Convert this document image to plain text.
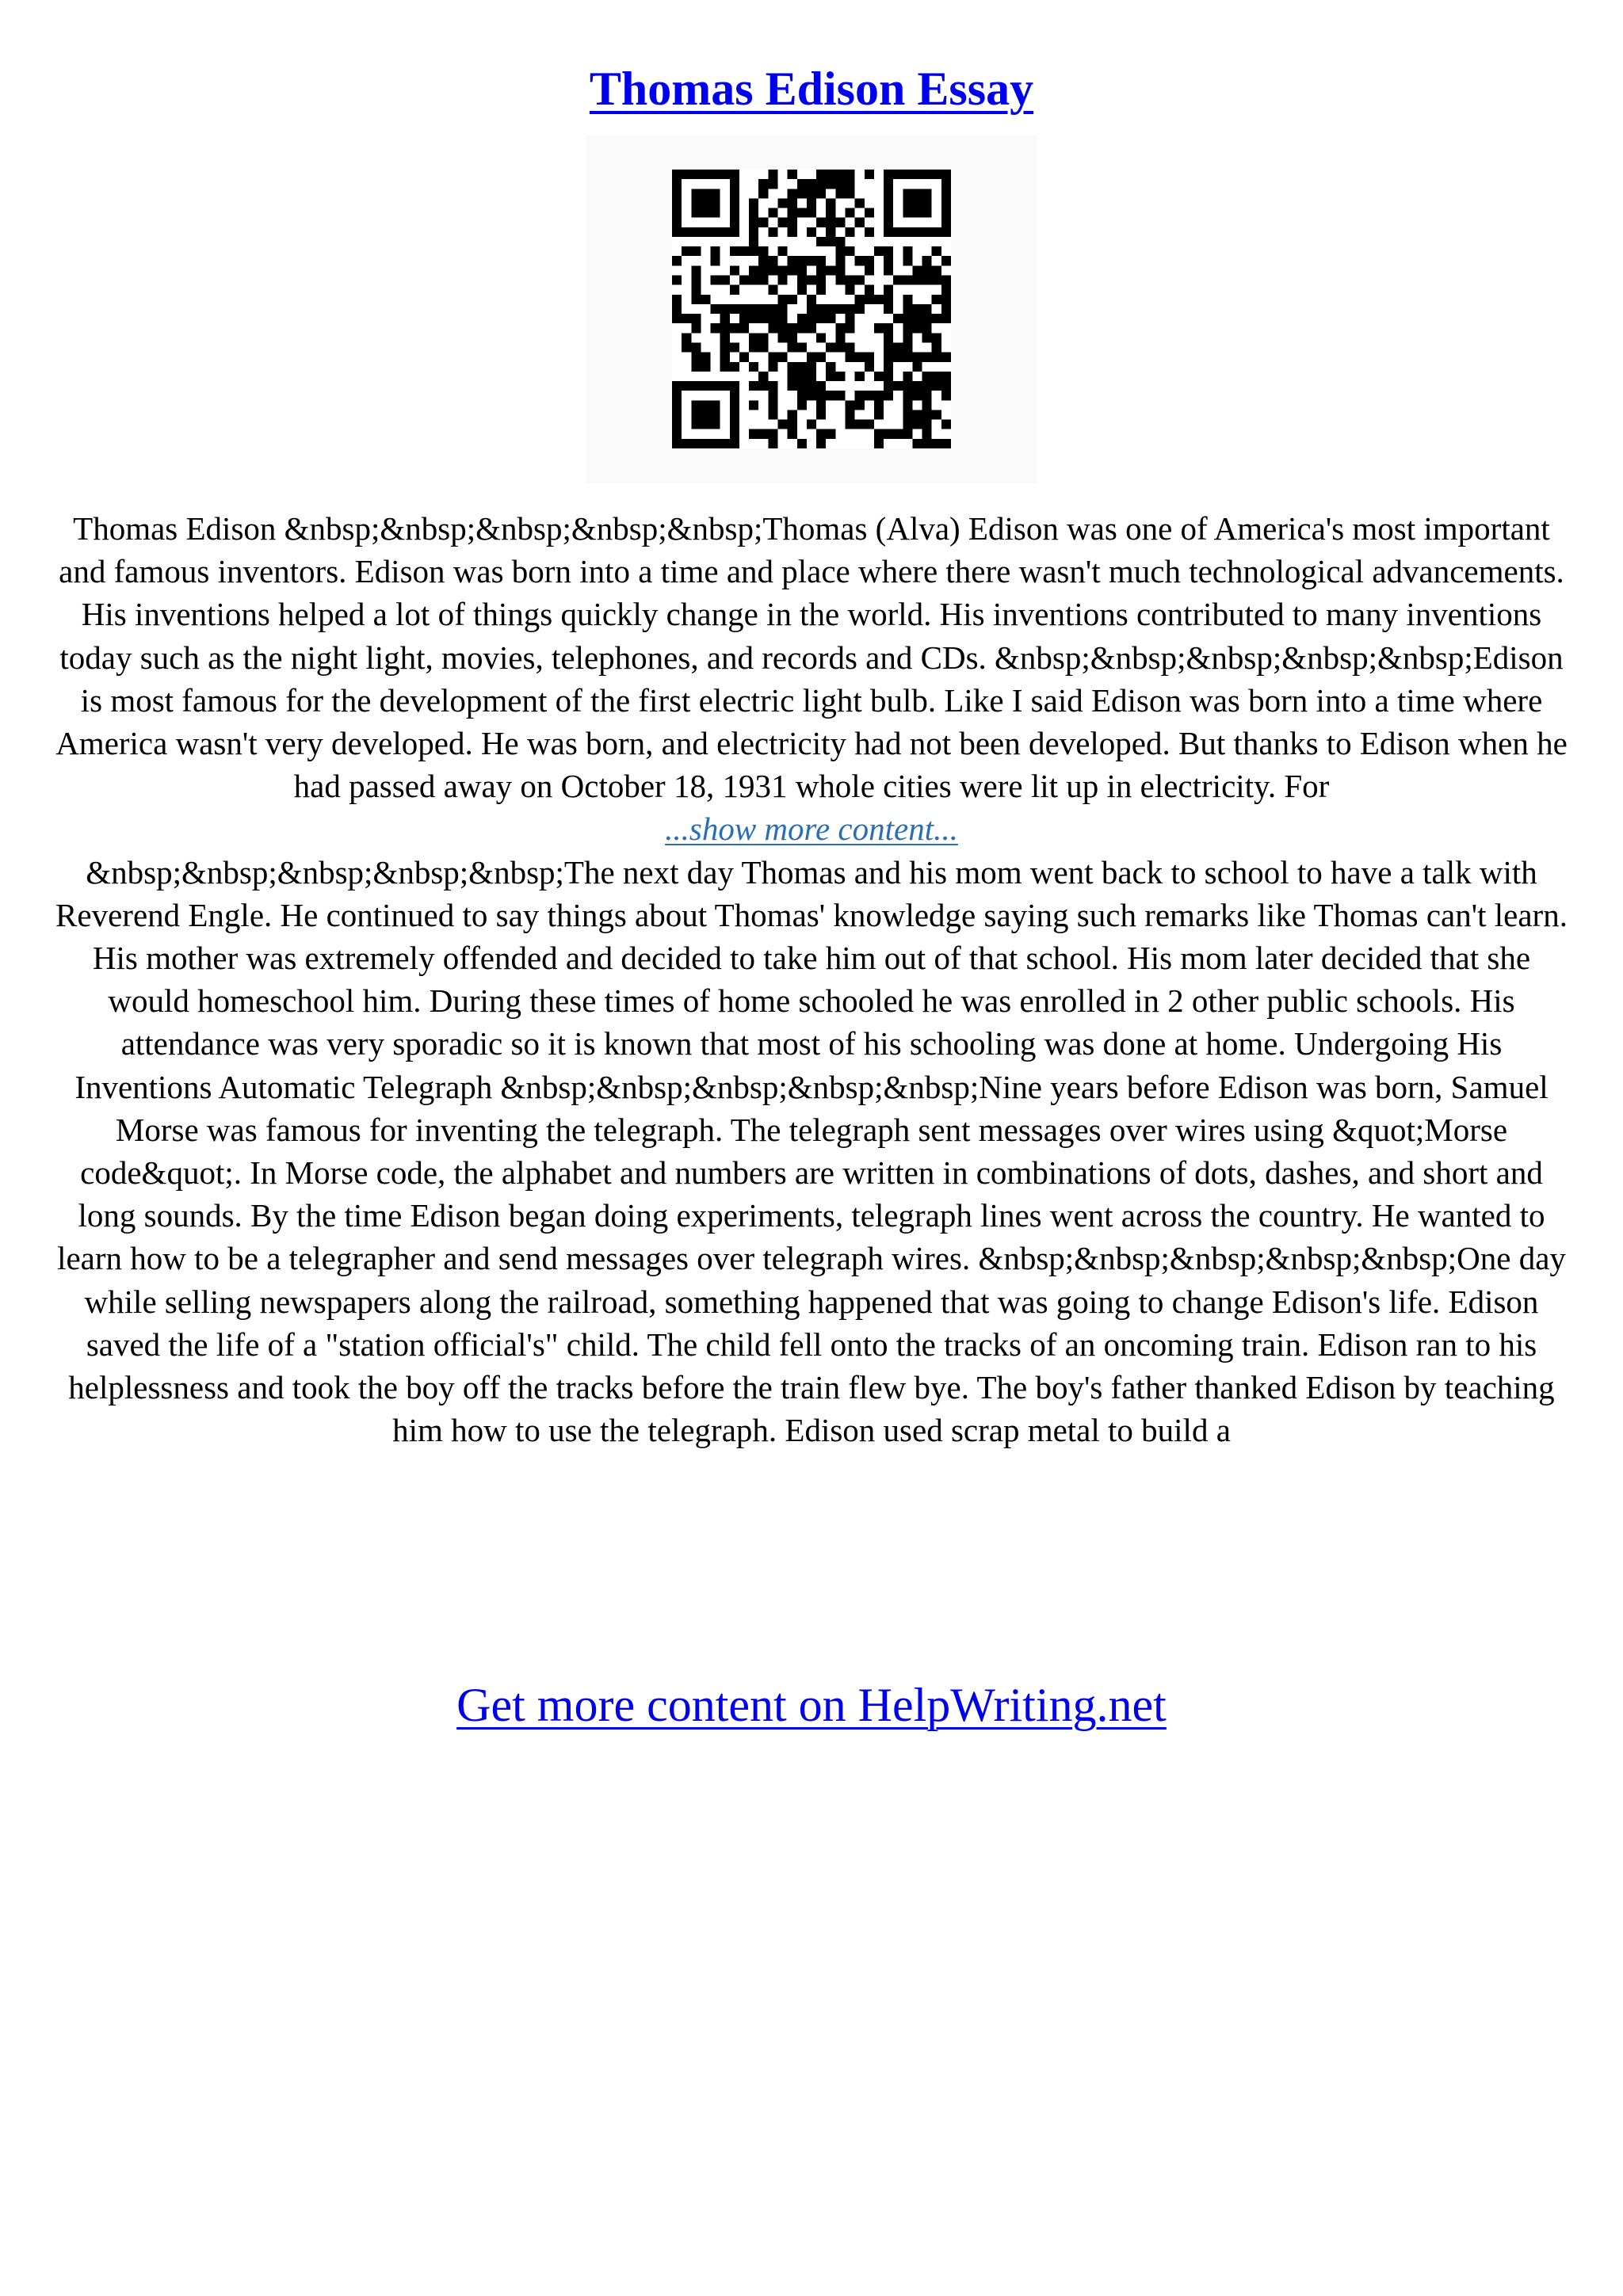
Thomas Edison Essay

Thomas Edison &nbsp;&nbsp;&nbsp;&nbsp;&nbsp;Thomas (Alva) Edison was one of America's most important and famous inventors. Edison was born into a time and place where there wasn't much technological advancements. His inventions helped a lot of things quickly change in the world. His inventions contributed to many inventions today such as the night light, movies, telephones, and records and CDs. &nbsp;&nbsp;&nbsp;&nbsp;&nbsp;Edison is most famous for the development of the first electric light bulb. Like I said Edison was born into a time where America wasn't very developed. He was born, and electricity had not been developed. But thanks to Edison when he had passed away on October 18, 1931 whole cities were lit up in electricity. For

...show more content...

&nbsp;&nbsp;&nbsp;&nbsp;&nbsp;The next day Thomas and his mom went back to school to have a talk with Reverend Engle. He continued to say things about Thomas' knowledge saying such remarks like Thomas can't learn. His mother was extremely offended and decided to take him out of that school. His mom later decided that she would homeschool him. During these times of home schooled he was enrolled in 2 other public schools. His attendance was very sporadic so it is known that most of his schooling was done at home. Undergoing His Inventions Automatic Telegraph &nbsp;&nbsp;&nbsp;&nbsp;&nbsp;Nine years before Edison was born, Samuel Morse was famous for inventing the telegraph. The telegraph sent messages over wires using &quot;Morse code&quot;. In Morse code, the alphabet and numbers are written in combinations of dots, dashes, and short and long sounds. By the time Edison began doing experiments, telegraph lines went across the country. He wanted to learn how to be a telegrapher and send messages over telegraph wires. &nbsp;&nbsp;&nbsp;&nbsp;&nbsp;One day while selling newspapers along the railroad, something happened that was going to change Edison's life. Edison saved the life of a "station official's" child. The child fell onto the tracks of an oncoming train. Edison ran to his helplessness and took the boy off the tracks before the train flew bye. The boy's father thanked Edison by teaching him how to use the telegraph. Edison used scrap metal to build a

Get more content on HelpWriting.net
